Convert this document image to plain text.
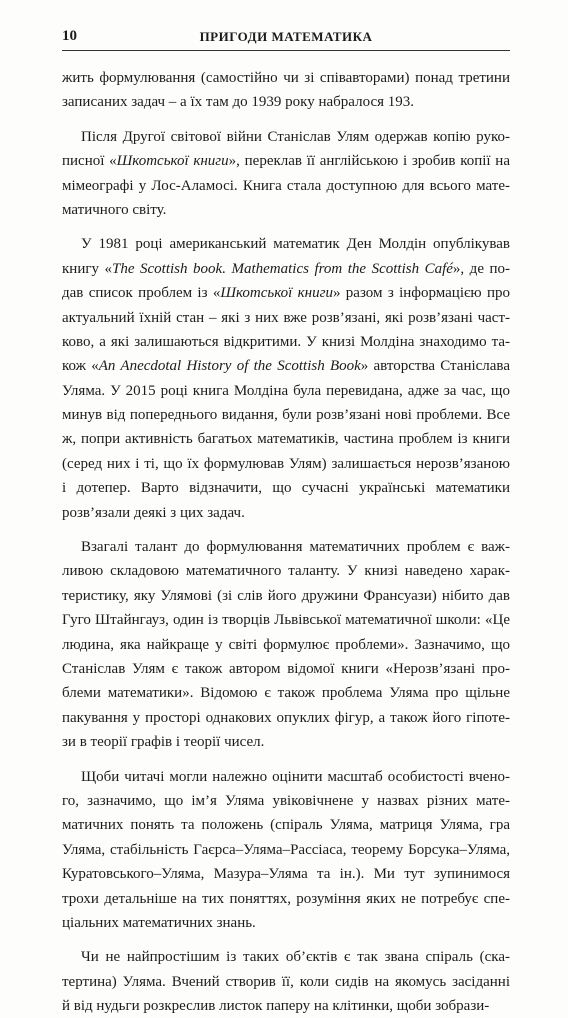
10	ПРИГОДИ МАТЕМАТИКА
жить формулювання (самостійно чи зі співавторами) понад третини
записаних задач – а їх там до 1939 року набралося 193.
Після Другої світової війни Станіслав Улям одержав копію руко-
писної «Шкотської книги», переклав її англійською і зробив копії на
мімеографі у Лос-Аламосі. Книга стала доступною для всього мате-
матичного світу.
У 1981 році американський математик Ден Молдін опублікував
книгу «The Scottish book. Mathematics from the Scottish Café», де по-
дав список проблем із «Шкотської книги» разом з інформацією про
актуальний їхній стан – які з них вже розв’язані, які розв’язані част-
ково, а які залишаються відкритими. У книзі Молдіна знаходимо та-
кож «An Anecdotal History of the Scottish Book» авторства Станіслава
Уляма. У 2015 році книга Молдіна була перевидана, адже за час, що
минув від попереднього видання, були розв’язані нові проблеми. Все
ж, попри активність багатьох математиків, частина проблем із книги
(серед них і ті, що їх формулював Улям) залишається нерозв’язаною
і дотепер. Варто відзначити, що сучасні українські математики
розв’язали деякі з цих задач.
Взагалі талант до формулювання математичних проблем є важ-
ливою складовою математичного таланту. У книзі наведено харак-
теристику, яку Улямові (зі слів його дружини Франсуази) нібито дав
Гуго Штайнгауз, один із творців Львівської математичної школи: «Це
людина, яка найкраще у світі формулює проблеми». Зазначимо, що
Станіслав Улям є також автором відомої книги «Нерозв’язані про-
блеми математики». Відомою є також проблема Уляма про щільне
пакування у просторі однакових опуклих фігур, а також його гіпоте-
зи в теорії графів і теорії чисел.
Щоби читачі могли належно оцінити масштаб особистості вчено-
го, зазначимо, що ім’я Уляма увіковічнене у назвах різних мате-
матичних понять та положень (спіраль Уляма, матриця Уляма, гра
Уляма, стабільність Гаєрса–Уляма–Рассіаса, теорему Борсука–Уляма,
Куратовського–Уляма, Мазура–Уляма та ін.). Ми тут зупинимося
трохи детальніше на тих поняттях, розуміння яких не потребує спе-
ціальних математичних знань.
Чи не найпростішим із таких об’єктів є так звана спіраль (ска-
тертина) Уляма. Вчений створив її, коли сидів на якомусь засіданні
й від нудьги розкреслив листок паперу на клітинки, щоби зобрази-
